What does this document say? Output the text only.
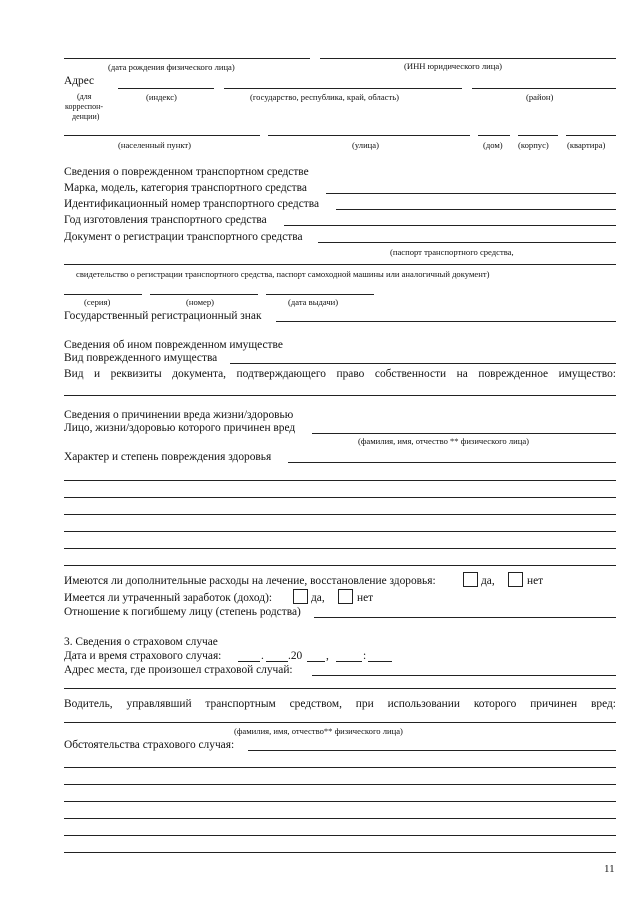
(дата рождения физического лица)	(ИНН юридического лица)
Адрес
(для
корреспон-
денции)
(индекс)	(государство, республика, край, область)	(район)
(населенный пункт)	(улица)	(дом) (корпус) (квартира)
Сведения о поврежденном транспортном средстве
Марка, модель, категория транспортного средства
Идентификационный номер транспортного средства
Год изготовления транспортного средства
Документ о регистрации транспортного средства
(паспорт транспортного средства,
свидетельство о регистрации транспортного средства, паспорт самоходной машины или аналогичный документ)
(серия)	(номер)	(дата выдачи)
Государственный регистрационный знак
Сведения об ином поврежденном имуществе
Вид поврежденного имущества
Вид и реквизиты документа, подтверждающего право собственности на поврежденное имущество:
Сведения о причинении вреда жизни/здоровью
Лицо, жизни/здоровью которого причинен вред
(фамилия, имя, отчество ** физического лица)
Характер и степень повреждения здоровья
Имеются ли дополнительные расходы на лечение, восстановление здоровья:	да,	нет
Имеется ли утраченный заработок (доход):	да,	нет
Отношение к погибшему лицу (степень родства)
3. Сведения о страховом случае
Дата и время страхового случая:	. .20 ,	:
Адрес места, где произошел страховой случай:
Водитель, управлявший транспортным средством, при использовании которого причинен вред:
(фамилия, имя, отчество** физического лица)
Обстоятельства страхового случая:
11
